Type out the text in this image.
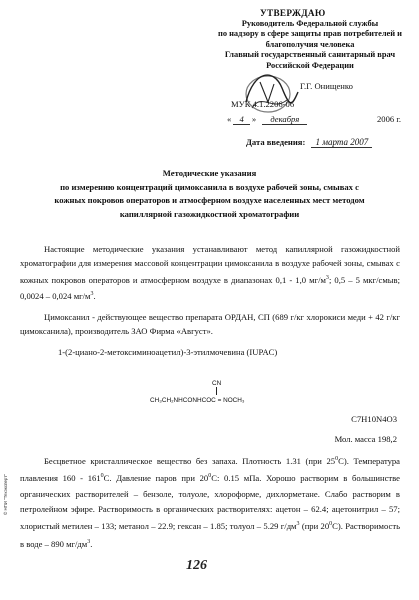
УТВЕРЖДАЮ
Руководитель Федеральной службы
по надзору в сфере защиты прав потребителей и
благополучия человека
Главный государственный санитарный врач
Российской Федерации
Г.Г. Онищенко
МУК 4.1.2206-06
« 4 » декабря	2006 г.
Дата введения: 1 марта 2007
Методические указания
по измерению концентраций цимоксанила в воздухе рабочей зоны, смывах с
кожных покровов операторов и атмосферном воздухе населенных мест методом
капиллярной газожидкостной хроматографии
Настоящие методические указания устанавливают метод капиллярной газожидкостной хроматографии для измерения массовой концентрации цимоксанила в воздухе рабочей зоны, смывах с кожных покровов операторов и атмосферном воздухе в диапазонах 0,1 - 1,0 $мг/м^3$; 0,5 – 5 мкг/смыв; 0,0024 – 0,024 $мг/м^3$.
Цимоксанил - действующее вещество препарата ОРДАН, СП (689 г/кг хлорокиси меди + 42 г/кг цимоксанила), производитель ЗАО Фирма «Август».
1-(2-циано-2-метоксиминоацетил)-3-этилмочевина (IUPAC)
CN
CH₃CH₂NHCONHCOC = NOCH₃
C7H10N4O3
Мол. масса 198,2
Бесцветное кристаллическое вещество без запаха. Плотность 1.31 (при $25^0С$). Температура плавления $160 - 161^0С$. Давление паров при $20^0С$: 0.15 мПа. Хорошо растворим в большинстве органических растворителей – бензоле, толуоле, хлороформе, дихлорметане. Слабо растворим в петролейном эфире. Растворимость в органических растворителях: ацетон – 62.4; ацетонитрил – 57; хлористый метилен – 133; метанол – 22.9; гексан – 1.85; толуол – 5.29 $г/дм^3$ (при $20^0С$). Растворимость в воде – 890 $мг/дм^3$.
126
© НПИ "Техэксперт"
